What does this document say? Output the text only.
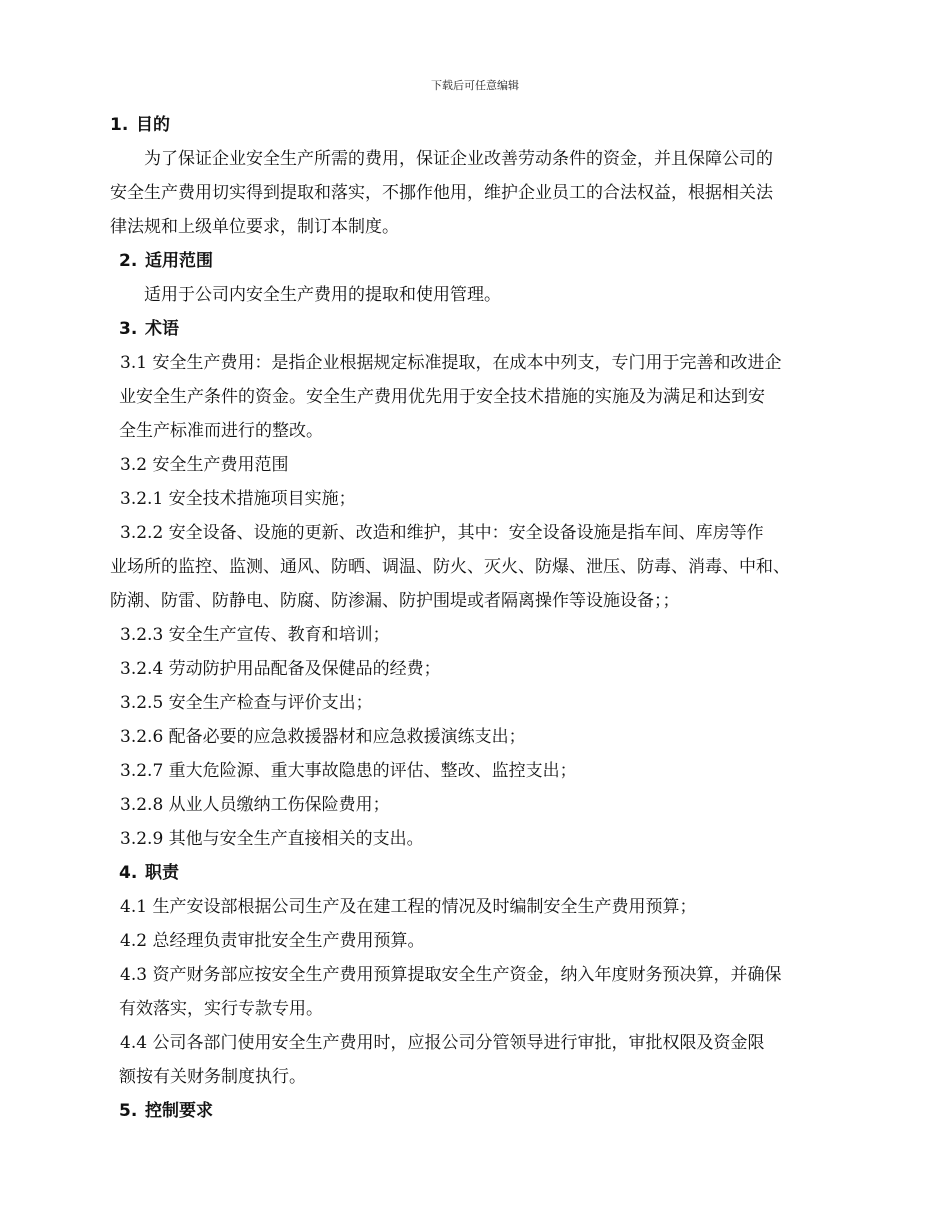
下载后可任意编辑
1. 目的
为了保证企业安全生产所需的费用，保证企业改善劳动条件的资金，并且保障公司的
安全生产费用切实得到提取和落实，不挪作他用，维护企业员工的合法权益，根据相关法
律法规和上级单位要求，制订本制度。
2. 适用范围
适用于公司内安全生产费用的提取和使用管理。
3. 术语
3.1 安全生产费用：是指企业根据规定标准提取，在成本中列支，专门用于完善和改进企
业安全生产条件的资金。安全生产费用优先用于安全技术措施的实施及为满足和达到安
全生产标准而进行的整改。
3.2 安全生产费用范围
3.2.1 安全技术措施项目实施；
3.2.2 安全设备、设施的更新、改造和维护，其中：安全设备设施是指车间、库房等作
业场所的监控、监测、通风、防晒、调温、防火、灭火、防爆、泄压、防毒、消毒、中和、
防潮、防雷、防静电、防腐、防渗漏、防护围堤或者隔离操作等设施设备；；
3.2.3 安全生产宣传、教育和培训；
3.2.4 劳动防护用品配备及保健品的经费；
3.2.5 安全生产检查与评价支出；
3.2.6 配备必要的应急救援器材和应急救援演练支出；
3.2.7 重大危险源、重大事故隐患的评估、整改、监控支出；
3.2.8 从业人员缴纳工伤保险费用；
3.2.9 其他与安全生产直接相关的支出。
4. 职责
4.1 生产安设部根据公司生产及在建工程的情况及时编制安全生产费用预算；
4.2 总经理负责审批安全生产费用预算。
4.3 资产财务部应按安全生产费用预算提取安全生产资金，纳入年度财务预决算，并确保
有效落实，实行专款专用。
4.4 公司各部门使用安全生产费用时，应报公司分管领导进行审批，审批权限及资金限
额按有关财务制度执行。
5. 控制要求
